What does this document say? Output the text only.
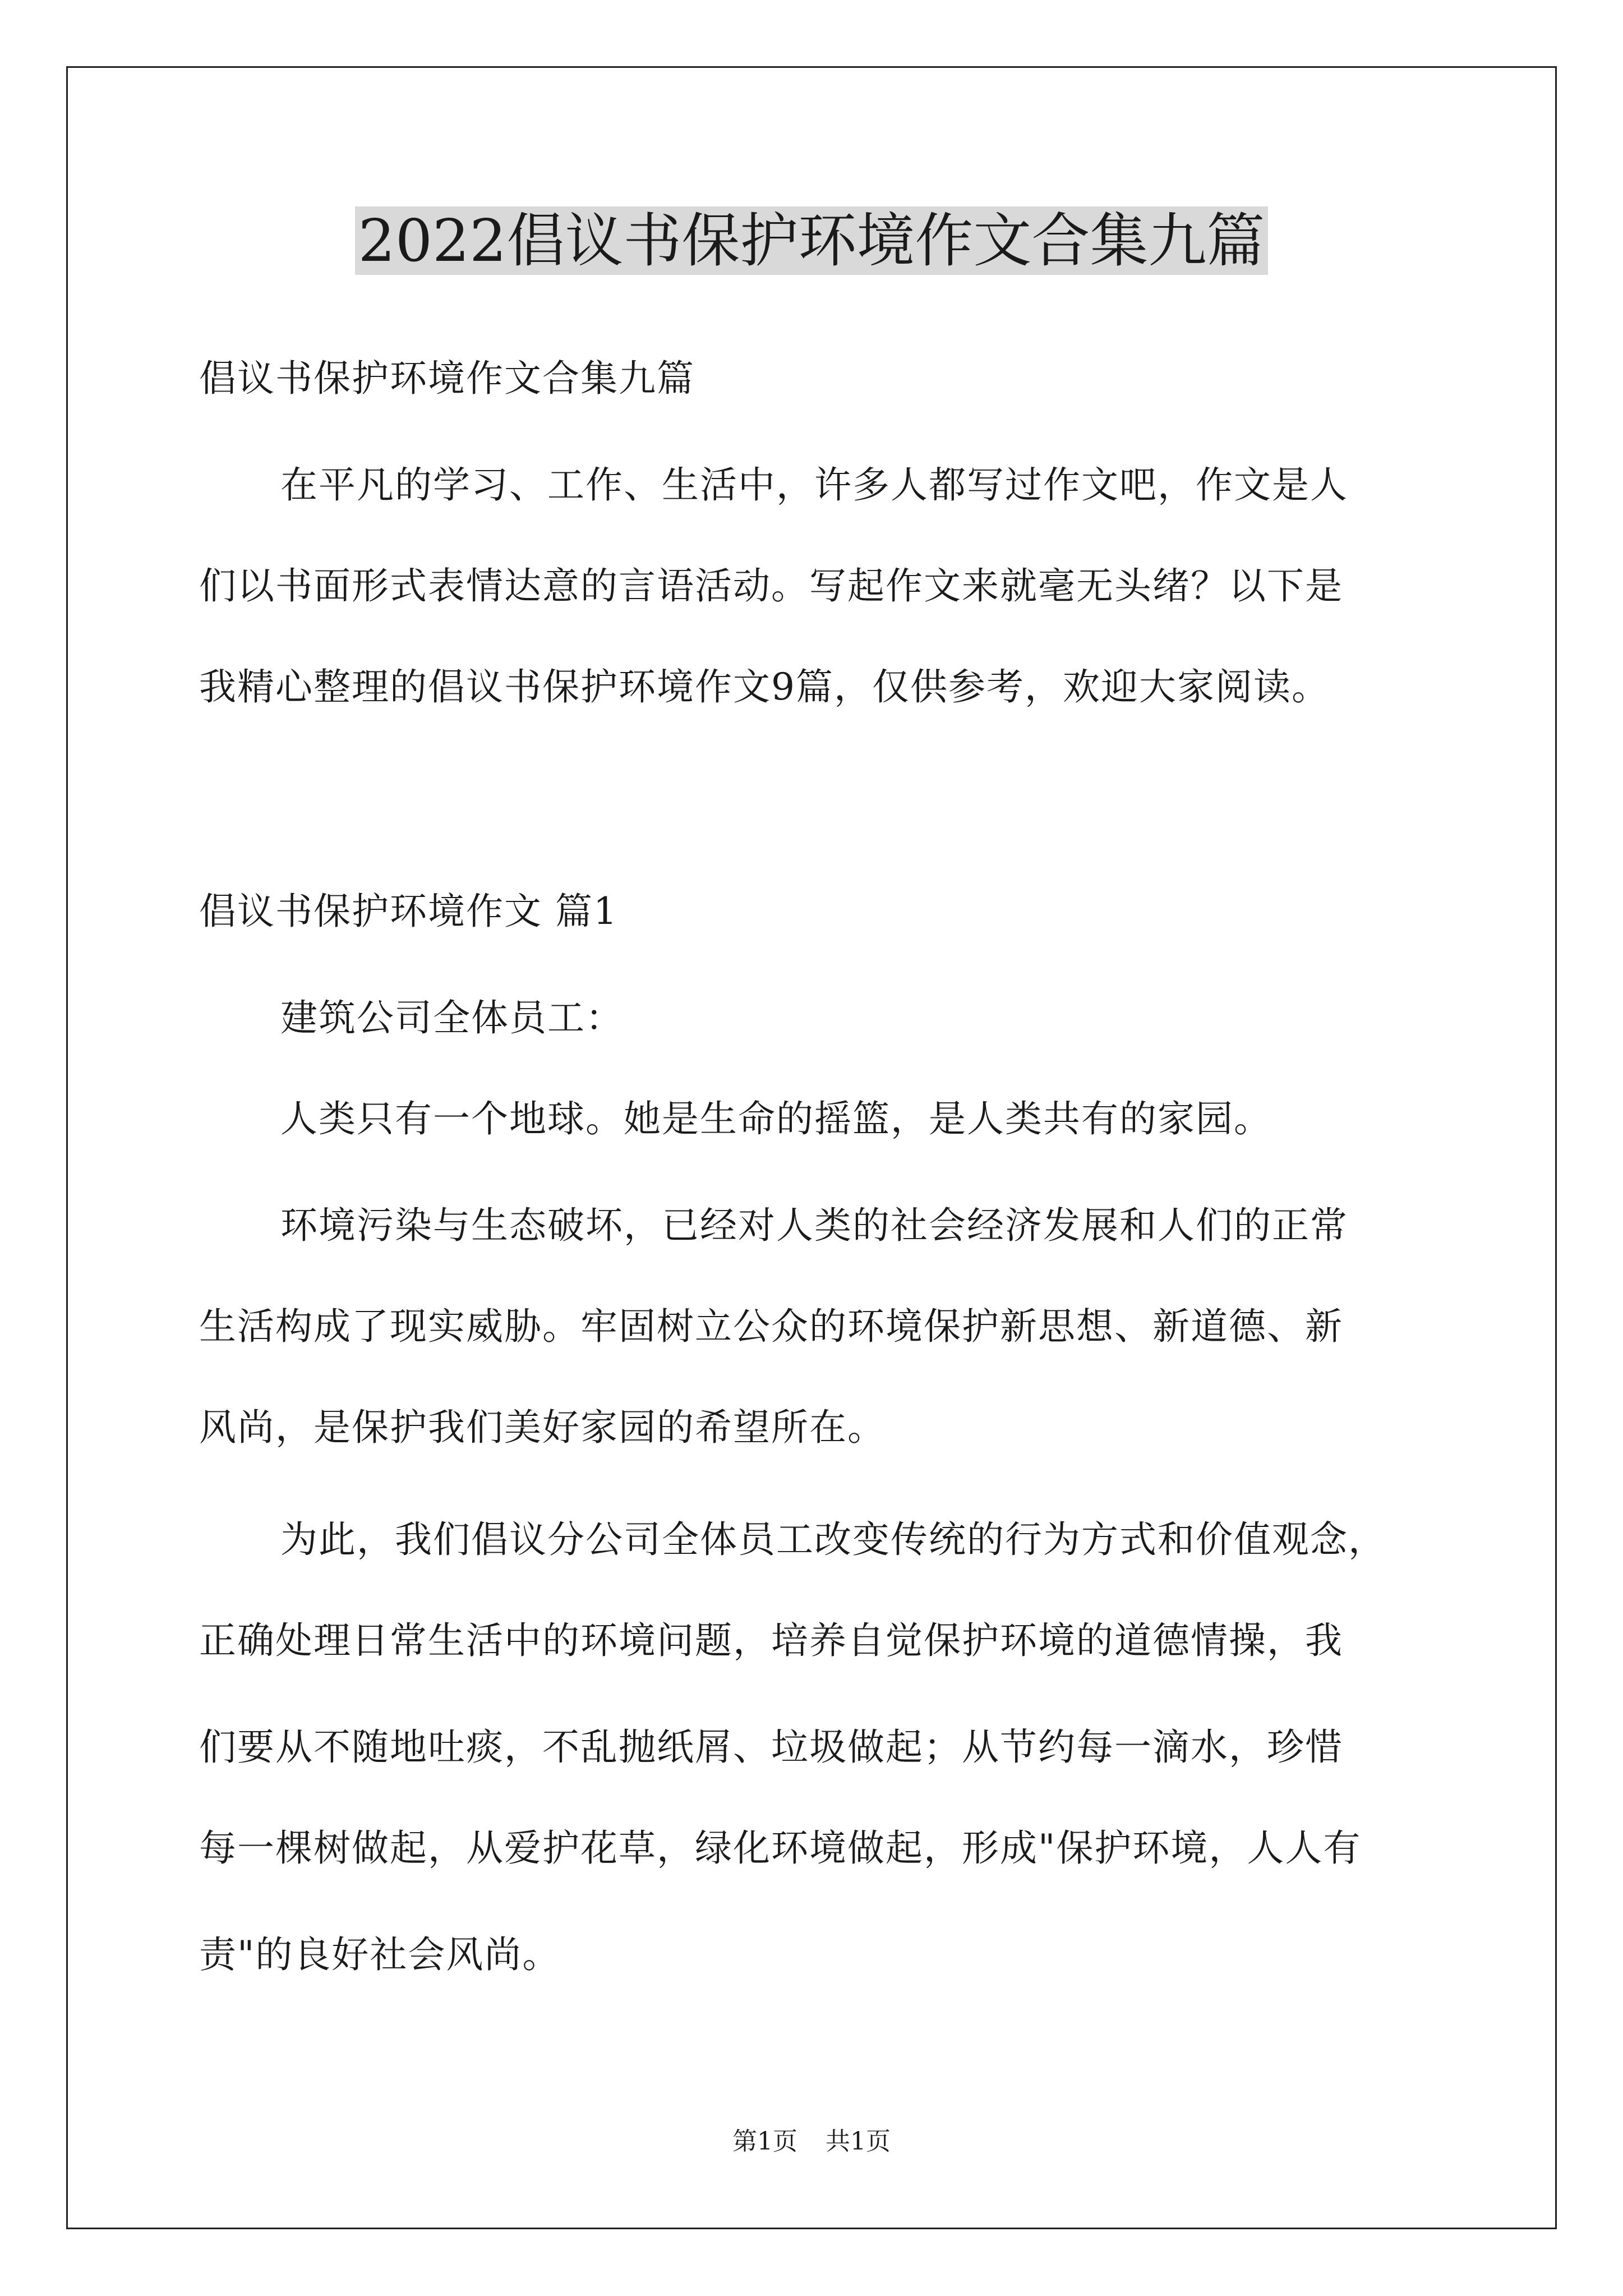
2022倡议书保护环境作文合集九篇
倡议书保护环境作文合集九篇
在平凡的学习、工作、生活中，许多人都写过作文吧，作文是人
们以书面形式表情达意的言语活动。写起作文来就毫无头绪？以下是
我精心整理的倡议书保护环境作文9篇，仅供参考，欢迎大家阅读。
倡议书保护环境作文 篇1
建筑公司全体员工：
人类只有一个地球。她是生命的摇篮，是人类共有的家园。
环境污染与生态破坏，已经对人类的社会经济发展和人们的正常
生活构成了现实威胁。牢固树立公众的环境保护新思想、新道德、新
风尚，是保护我们美好家园的希望所在。
为此，我们倡议分公司全体员工改变传统的行为方式和价值观念，
正确处理日常生活中的环境问题，培养自觉保护环境的道德情操，我
们要从不随地吐痰，不乱抛纸屑、垃圾做起；从节约每一滴水，珍惜
每一棵树做起，从爱护花草，绿化环境做起，形成"保护环境，人人有
责"的良好社会风尚。
第1页 共1页
